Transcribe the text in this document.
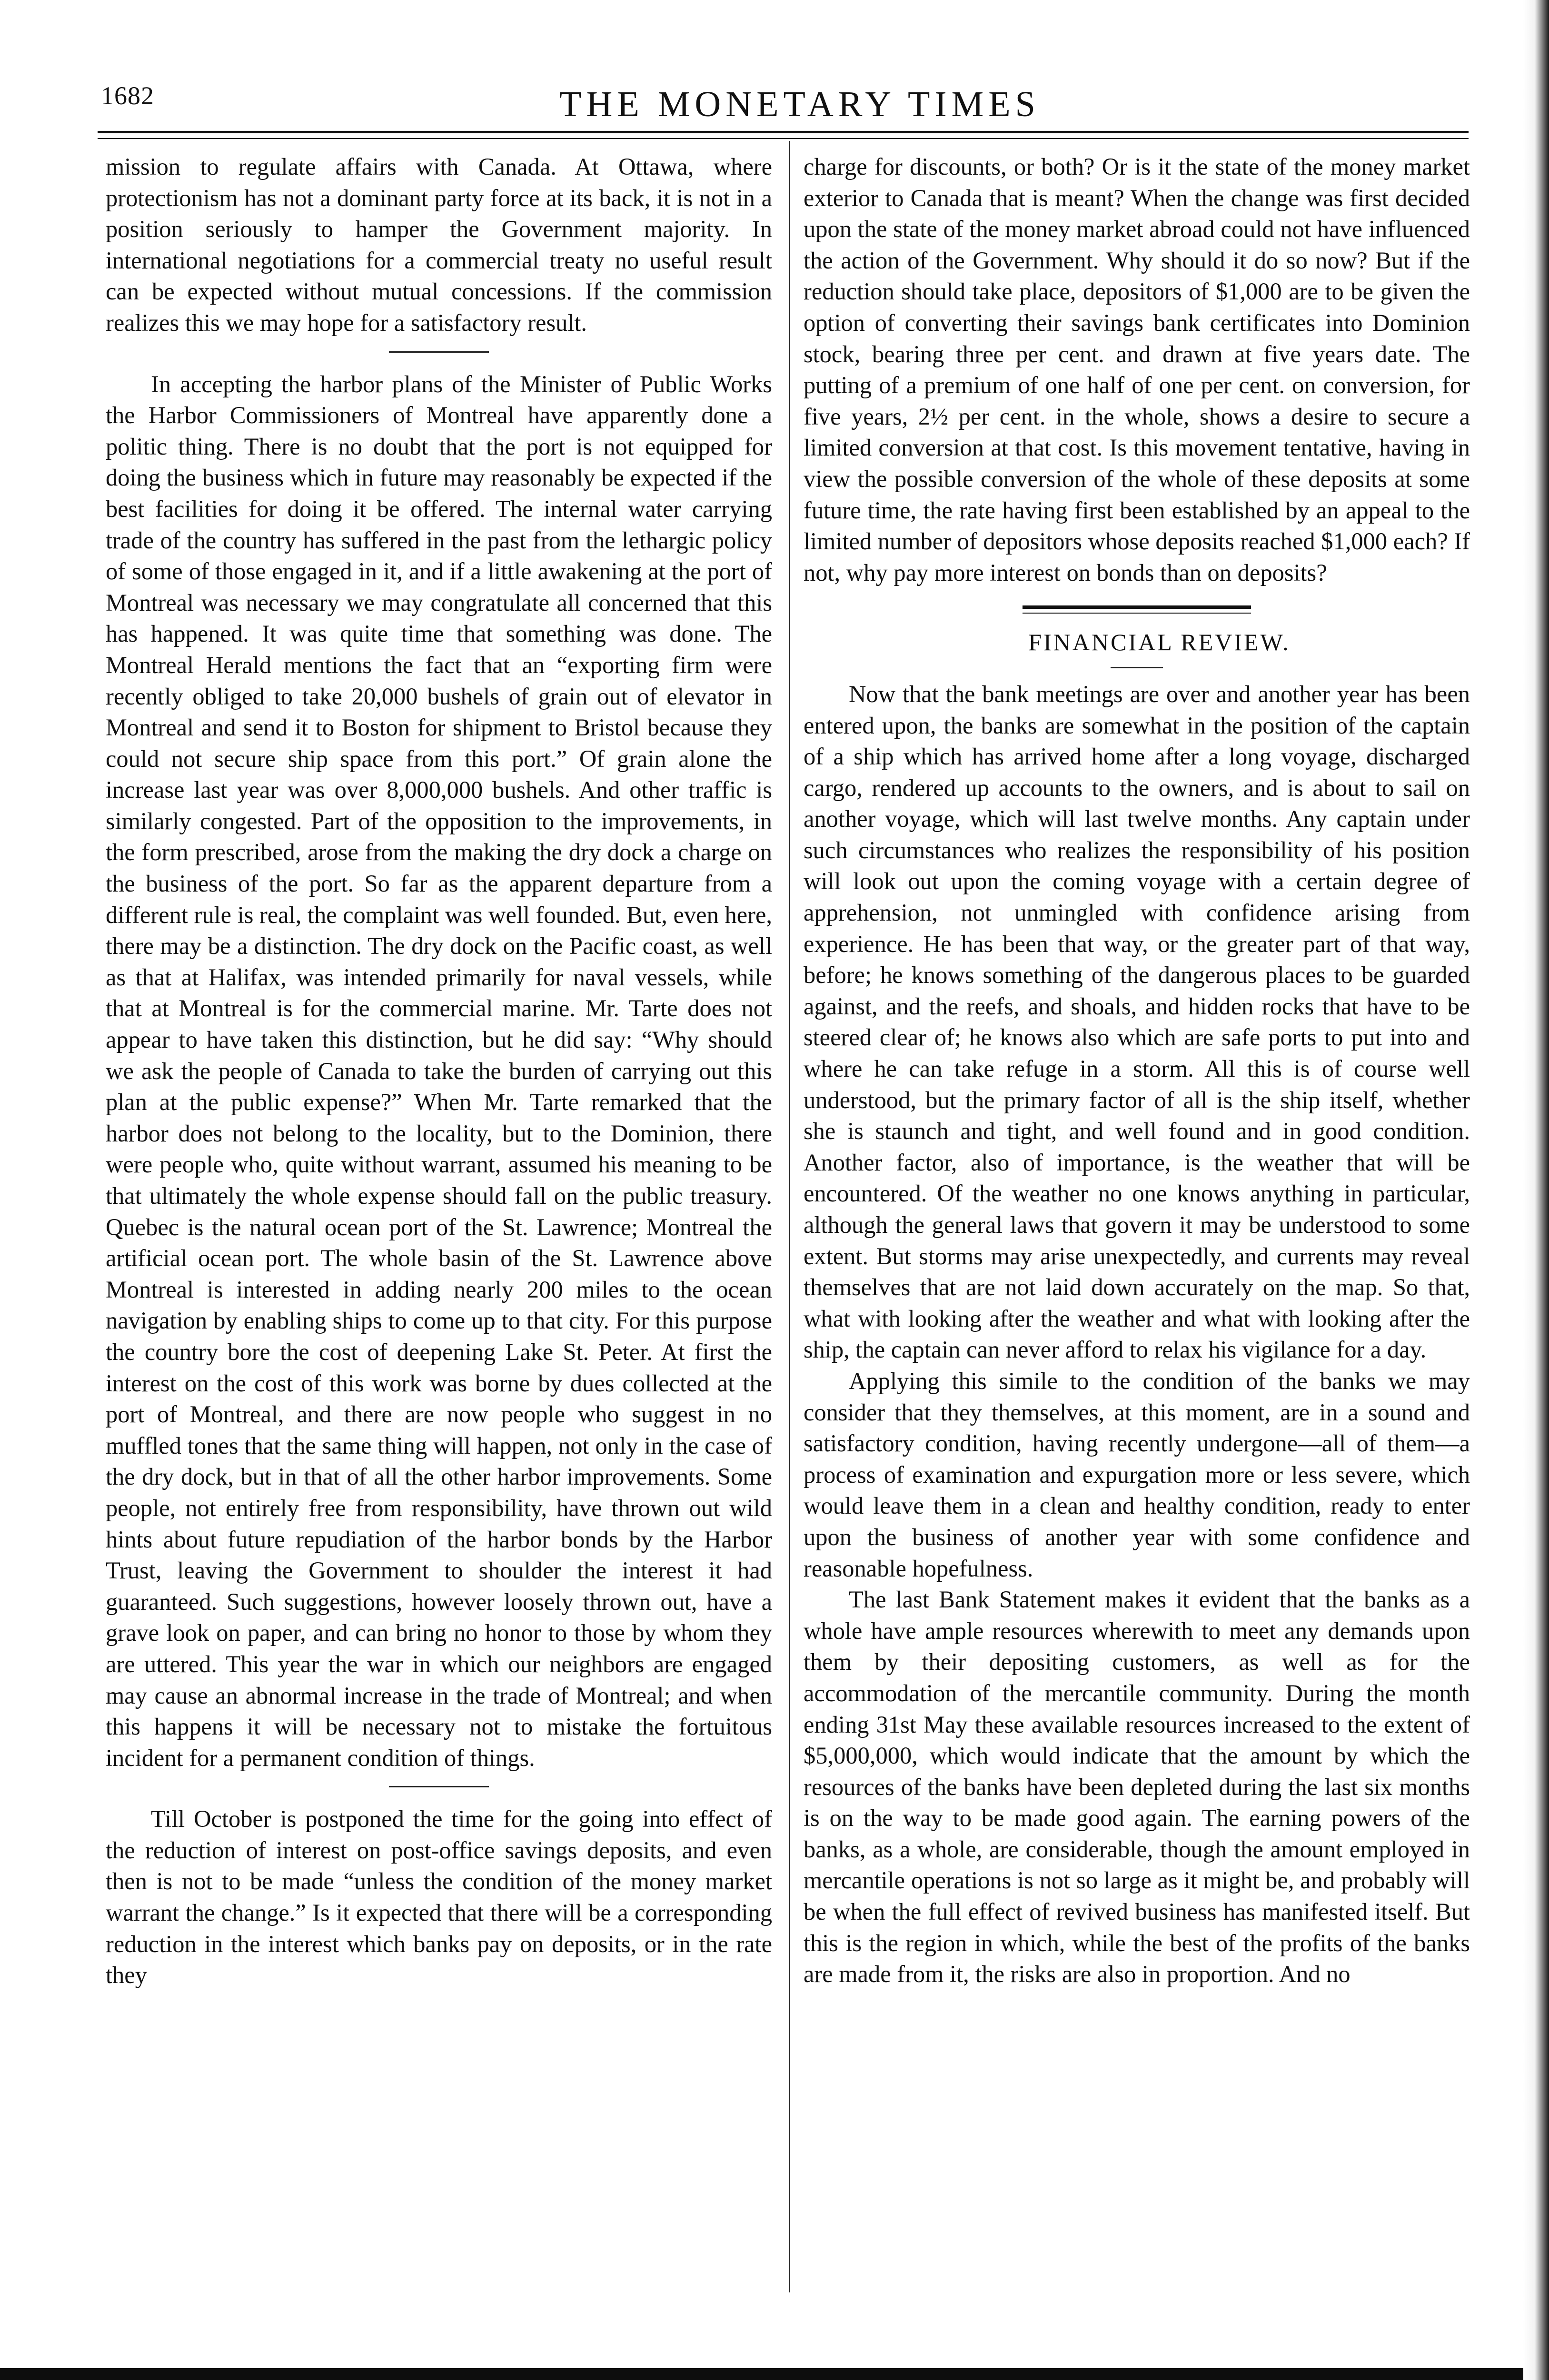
1682	THE MONETARY TIMES

mission to regulate affairs with Canada. At Ottawa, where protectionism has not a dominant party force at its back, it is not in a position seriously to hamper the Government majority. In international negotiations for a commercial treaty no useful result can be expected without mutual concessions. If the commission realizes this we may hope for a satisfactory result.

In accepting the harbor plans of the Minister of Public Works the Harbor Commissioners of Montreal have apparently done a politic thing. There is no doubt that the port is not equipped for doing the business which in future may reasonably be expected if the best facilities for doing it be offered. The internal water carrying trade of the country has suffered in the past from the lethargic policy of some of those engaged in it, and if a little awakening at the port of Montreal was necessary we may congratulate all concerned that this has happened. It was quite time that something was done. The Montreal Herald mentions the fact that an “exporting firm were recently obliged to take 20,000 bushels of grain out of elevator in Montreal and send it to Boston for shipment to Bristol because they could not secure ship space from this port.” Of grain alone the increase last year was over 8,000,000 bushels. And other traffic is similarly congested. Part of the opposition to the improvements, in the form prescribed, arose from the making the dry dock a charge on the business of the port. So far as the apparent departure from a different rule is real, the complaint was well founded. But, even here, there may be a distinction. The dry dock on the Pacific coast, as well as that at Halifax, was intended primarily for naval vessels, while that at Montreal is for the commercial marine. Mr. Tarte does not appear to have taken this distinction, but he did say: “Why should we ask the people of Canada to take the burden of carrying out this plan at the public expense?” When Mr. Tarte remarked that the harbor does not belong to the locality, but to the Dominion, there were people who, quite without warrant, assumed his meaning to be that ultimately the whole expense should fall on the public treasury. Quebec is the natural ocean port of the St. Lawrence; Montreal the artificial ocean port. The whole basin of the St. Lawrence above Montreal is interested in adding nearly 200 miles to the ocean navigation by enabling ships to come up to that city. For this purpose the country bore the cost of deepening Lake St. Peter. At first the interest on the cost of this work was borne by dues collected at the port of Montreal, and there are now people who suggest in no muffled tones that the same thing will happen, not only in the case of the dry dock, but in that of all the other harbor improvements. Some people, not entirely free from responsibility, have thrown out wild hints about future repudiation of the harbor bonds by the Harbor Trust, leaving the Government to shoulder the interest it had guaranteed. Such suggestions, however loosely thrown out, have a grave look on paper, and can bring no honor to those by whom they are uttered. This year the war in which our neighbors are engaged may cause an abnormal increase in the trade of Montreal; and when this happens it will be necessary not to mistake the fortuitous incident for a permanent condition of things.

Till October is postponed the time for the going into effect of the reduction of interest on post-office savings deposits, and even then is not to be made “unless the condition of the money market warrant the change.” Is it expected that there will be a corresponding reduction in the interest which banks pay on deposits, or in the rate they

charge for discounts, or both? Or is it the state of the money market exterior to Canada that is meant? When the change was first decided upon the state of the money market abroad could not have influenced the action of the Government. Why should it do so now? But if the reduction should take place, depositors of $1,000 are to be given the option of converting their savings bank certificates into Dominion stock, bearing three per cent. and drawn at five years date. The putting of a premium of one half of one per cent. on conversion, for five years, 2½ per cent. in the whole, shows a desire to secure a limited conversion at that cost. Is this movement tentative, having in view the possible conversion of the whole of these deposits at some future time, the rate having first been established by an appeal to the limited number of depositors whose deposits reached $1,000 each? If not, why pay more interest on bonds than on deposits?

FINANCIAL REVIEW.

Now that the bank meetings are over and another year has been entered upon, the banks are somewhat in the position of the captain of a ship which has arrived home after a long voyage, discharged cargo, rendered up accounts to the owners, and is about to sail on another voyage, which will last twelve months. Any captain under such circumstances who realizes the responsibility of his position will look out upon the coming voyage with a certain degree of apprehension, not unmingled with confidence arising from experience. He has been that way, or the greater part of that way, before; he knows something of the dangerous places to be guarded against, and the reefs, and shoals, and hidden rocks that have to be steered clear of; he knows also which are safe ports to put into and where he can take refuge in a storm. All this is of course well understood, but the primary factor of all is the ship itself, whether she is staunch and tight, and well found and in good condition. Another factor, also of importance, is the weather that will be encountered. Of the weather no one knows anything in particular, although the general laws that govern it may be understood to some extent. But storms may arise unexpectedly, and currents may reveal themselves that are not laid down accurately on the map. So that, what with looking after the weather and what with looking after the ship, the captain can never afford to relax his vigilance for a day.

Applying this simile to the condition of the banks we may consider that they themselves, at this moment, are in a sound and satisfactory condition, having recently undergone—all of them—a process of examination and expurgation more or less severe, which would leave them in a clean and healthy condition, ready to enter upon the business of another year with some confidence and reasonable hopefulness.

The last Bank Statement makes it evident that the banks as a whole have ample resources wherewith to meet any demands upon them by their depositing customers, as well as for the accommodation of the mercantile community. During the month ending 31st May these available resources increased to the extent of $5,000,000, which would indicate that the amount by which the resources of the banks have been depleted during the last six months is on the way to be made good again. The earning powers of the banks, as a whole, are considerable, though the amount employed in mercantile operations is not so large as it might be, and probably will be when the full effect of revived business has manifested itself. But this is the region in which, while the best of the profits of the banks are made from it, the risks are also in proportion. And no
